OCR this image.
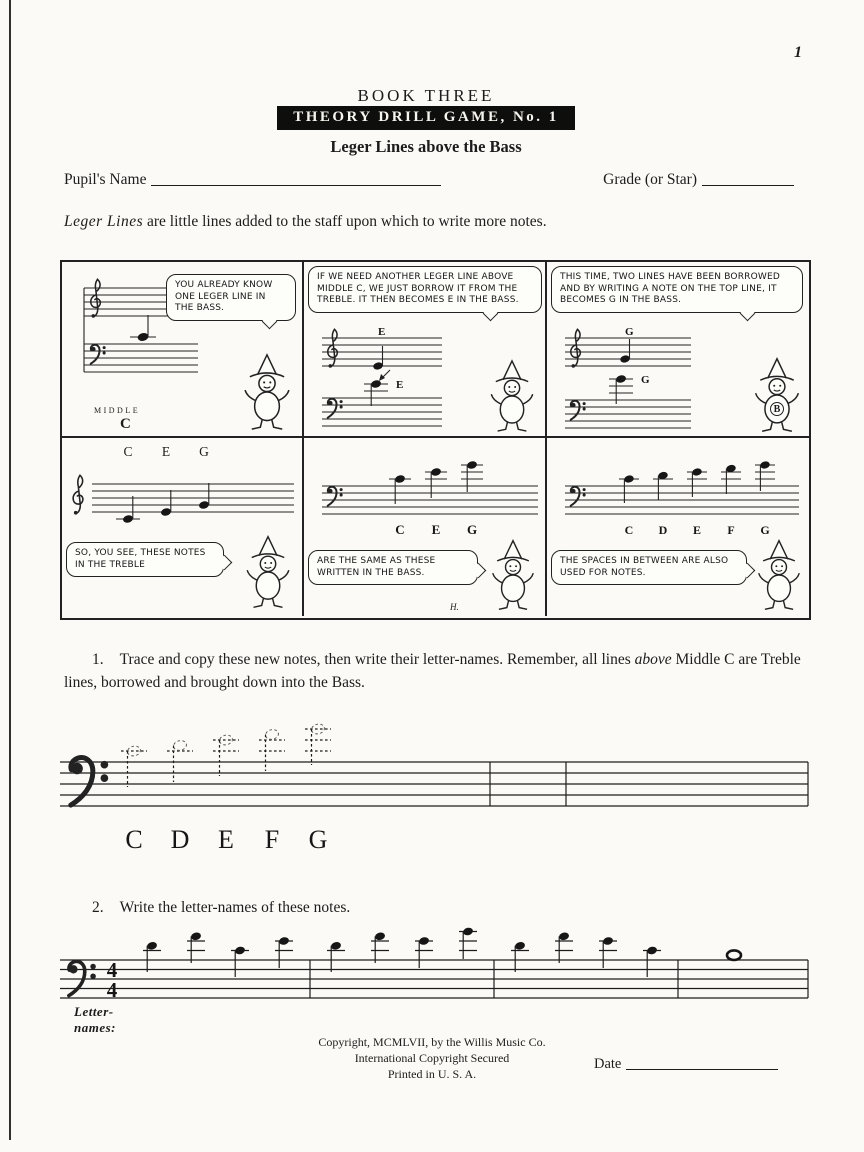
1
BOOK THREE
THEORY DRILL GAME, No. 1
Leger Lines above the Bass
Pupil's Name	Grade (or Star)

Leger Lines are little lines added to the staff upon which to write more notes.

MIDDLE
C
YOU ALREADY KNOW ONE LEGER LINE IN THE BASS.
IF WE NEED ANOTHER LEGER LINE ABOVE MIDDLE C, WE JUST BORROW IT FROM THE TREBLE. IT THEN BECOMES E IN THE BASS.
E
E
THIS TIME, TWO LINES HAVE BEEN BORROWED AND BY WRITING A NOTE ON THE TOP LINE, IT BECOMES G IN THE BASS.
G
G
B
C E G
SO, YOU SEE, THESE NOTES IN THE TREBLE
C E G
ARE THE SAME AS THESE WRITTEN IN THE BASS.
H.
C D E F G
THE SPACES IN BETWEEN ARE ALSO USED FOR NOTES.

1. Trace and copy these new notes, then write their letter-names. Remember, all lines above Middle C are Treble lines, borrowed and brought down into the Bass.

C D E F G

2. Write the letter-names of these notes.

4
4
Letter-
names:
Copyright, MCMLVII, by the Willis Music Co.
International Copyright Secured
Printed in U. S. A.
Date
